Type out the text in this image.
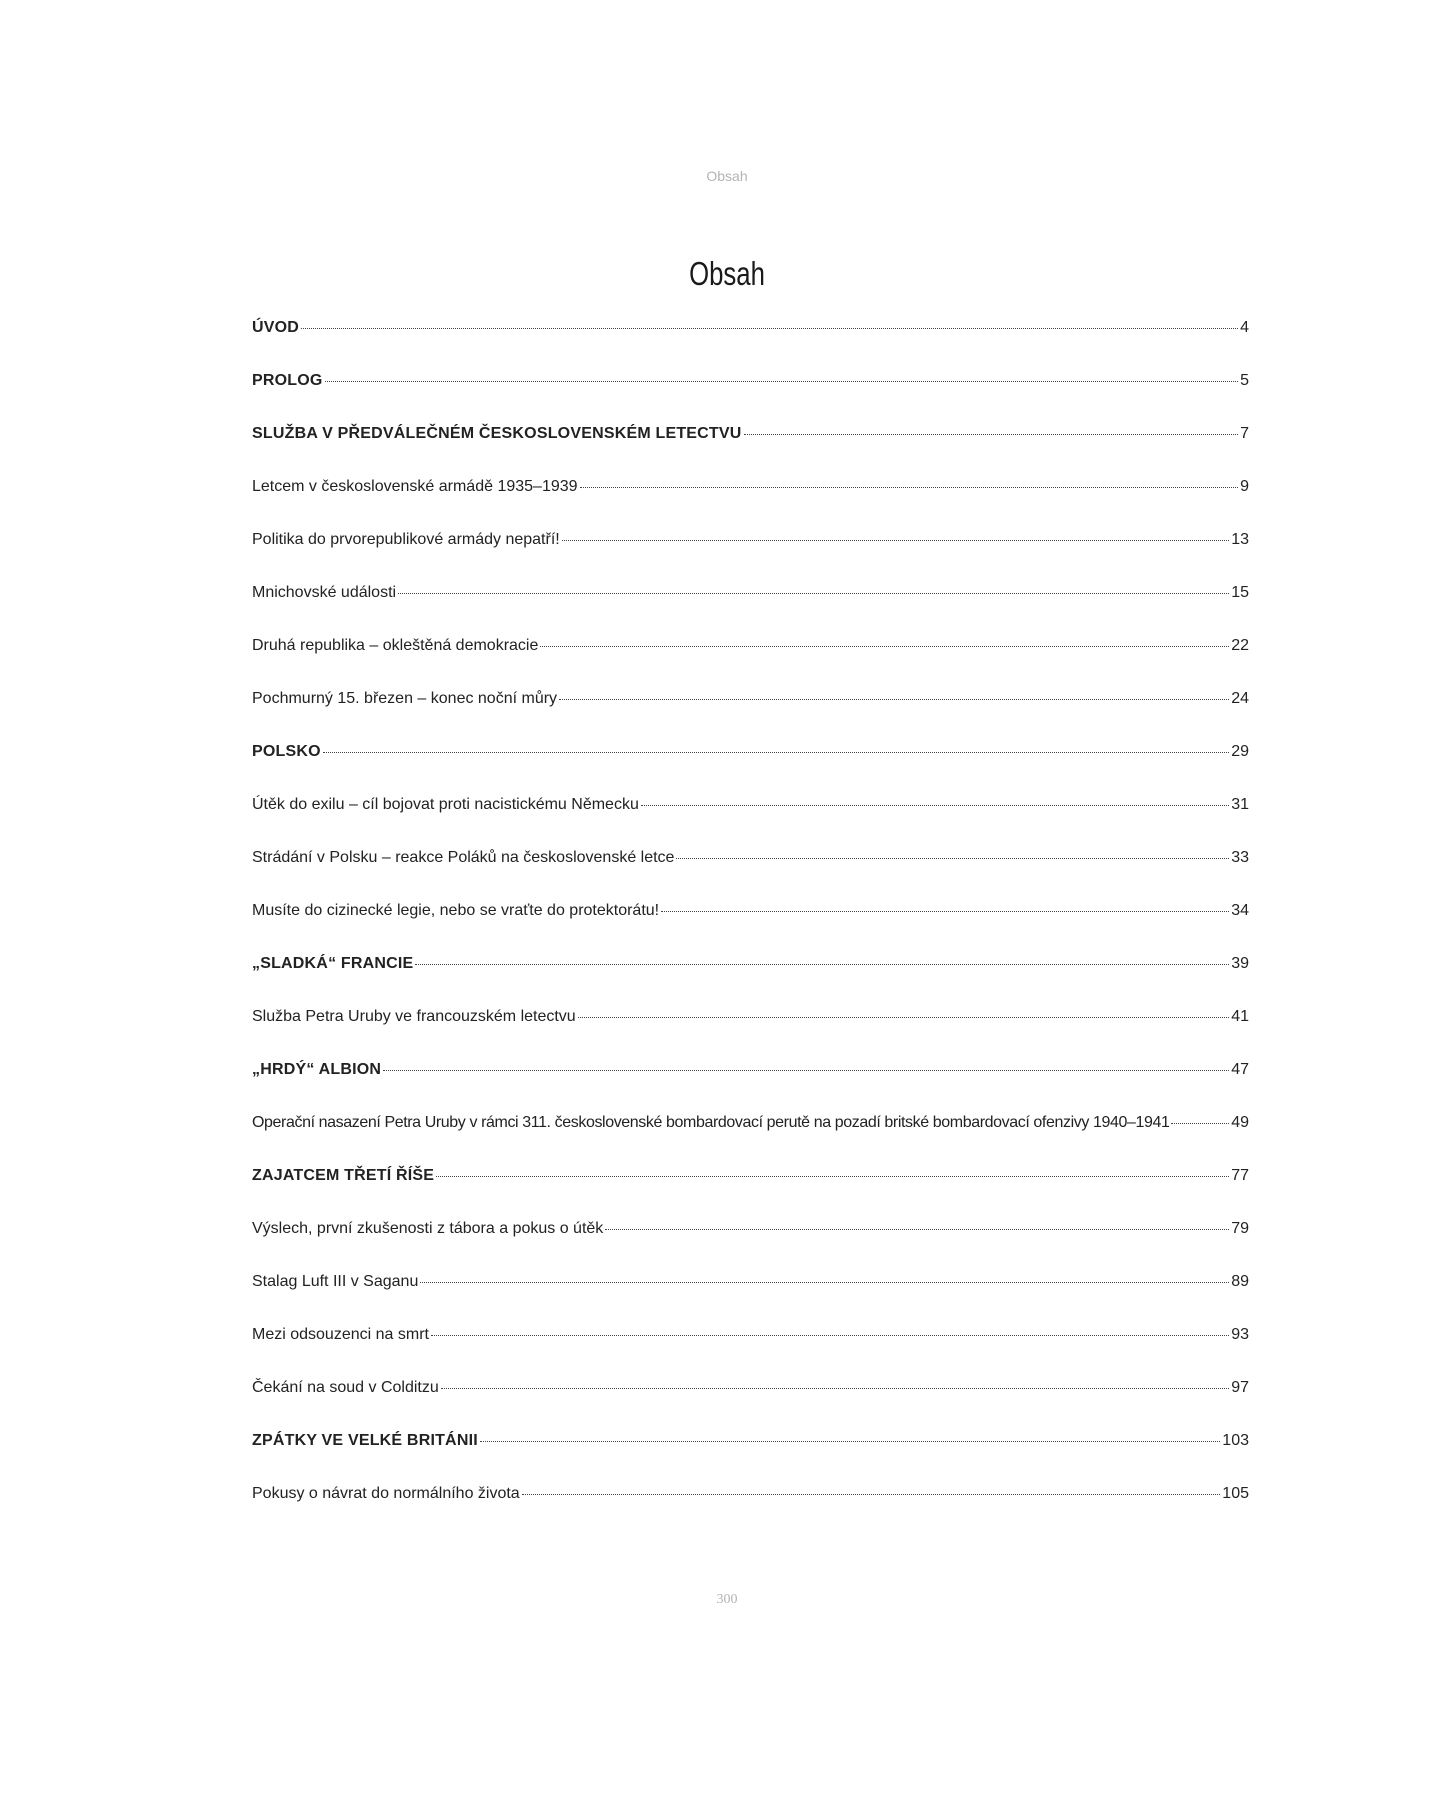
Obsah
Obsah
ÚVOD	4
PROLOG	5
SLUŽBA V PŘEDVÁLEČNÉM ČESKOSLOVENSKÉM LETECTVU	7
Letcem v československé armádě 1935–1939	9
Politika do prvorepublikové armády nepatří!	13
Mnichovské události	15
Druhá republika – okleštěná demokracie	22
Pochmurný 15. březen – konec noční můry	24
POLSKO	29
Útěk do exilu – cíl bojovat proti nacistickému Německu	31
Strádání v Polsku – reakce Poláků na československé letce	33
Musíte do cizinecké legie, nebo se vraťte do protektorátu!	34
„SLADKÁ“ FRANCIE	39
Služba Petra Uruby ve francouzském letectvu	41
„HRDÝ“ ALBION	47
Operační nasazení Petra Uruby v rámci 311. československé bombardovací perutě na pozadí britské bombardovací ofenzivy 1940–1941	49
ZAJATCEM TŘETÍ ŘÍŠE	77
Výslech, první zkušenosti z tábora a pokus o útěk	79
Stalag Luft III v Saganu	89
Mezi odsouzenci na smrt	93
Čekání na soud v Colditzu	97
ZPÁTKY VE VELKÉ BRITÁNII	103
Pokusy o návrat do normálního života	105
300
